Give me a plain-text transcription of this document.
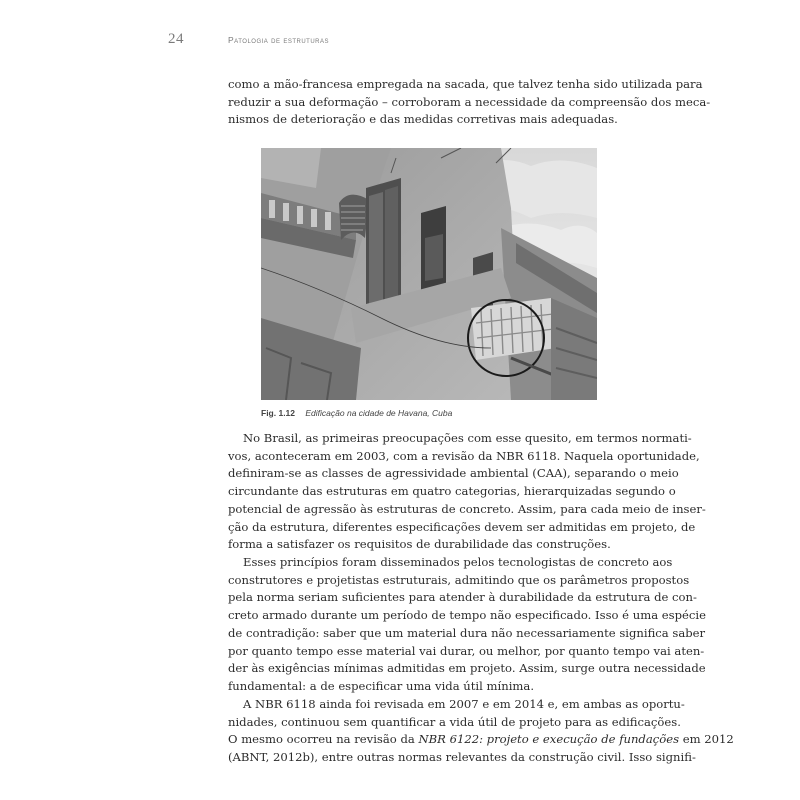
24	Patologia de estruturas
como a mão-francesa empregada na sacada, que talvez tenha sido utilizada para
reduzir a sua deformação – corroboram a necessidade da compreensão dos meca-
nismos de deterioração e das medidas corretivas mais adequadas.
Fig. 1.12 Edificação na cidade de Havana, Cuba
No Brasil, as primeiras preocupações com esse quesito, em termos normati-
vos, aconteceram em 2003, com a revisão da NBR 6118. Naquela oportunidade,
definiram-se as classes de agressividade ambiental (CAA), separando o meio
circundante das estruturas em quatro categorias, hierarquizadas segundo o
potencial de agressão às estruturas de concreto. Assim, para cada meio de inser-
ção da estrutura, diferentes especificações devem ser admitidas em projeto, de
forma a satisfazer os requisitos de durabilidade das construções.
Esses princípios foram disseminados pelos tecnologistas de concreto aos
construtores e projetistas estruturais, admitindo que os parâmetros propostos
pela norma seriam suficientes para atender à durabilidade da estrutura de con-
creto armado durante um período de tempo não especificado. Isso é uma espécie
de contradição: saber que um material dura não necessariamente significa saber
por quanto tempo esse material vai durar, ou melhor, por quanto tempo vai aten-
der às exigências mínimas admitidas em projeto. Assim, surge outra necessidade
fundamental: a de especificar uma vida útil mínima.
A NBR 6118 ainda foi revisada em 2007 e em 2014 e, em ambas as oportu-
nidades, continuou sem quantificar a vida útil de projeto para as edificações.
O mesmo ocorreu na revisão da NBR 6122: projeto e execução de fundações em 2012
(ABNT, 2012b), entre outras normas relevantes da construção civil. Isso signifi-
